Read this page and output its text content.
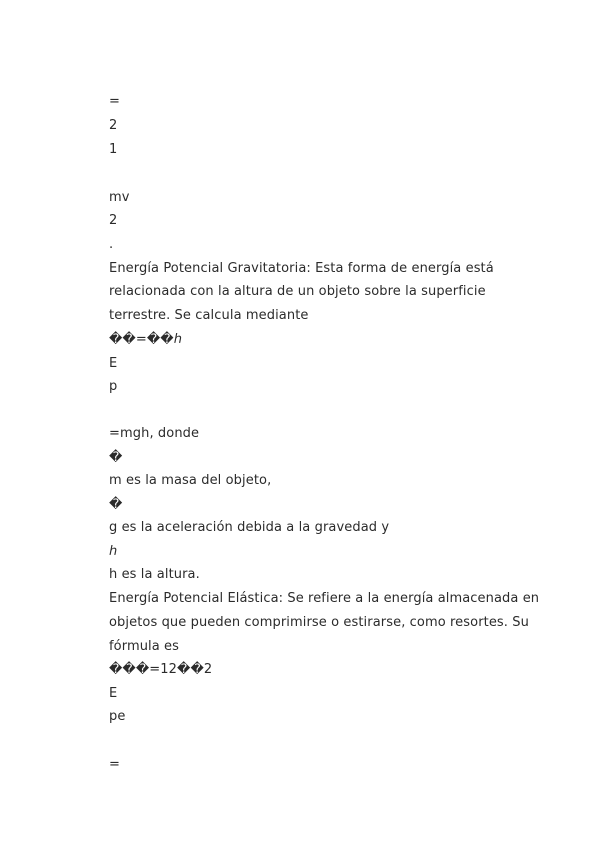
=
2
1
mv
2
.
Energía Potencial Gravitatoria: Esta forma de energía está
relacionada con la altura de un objeto sobre la superficie
terrestre. Se calcula mediante
��=��ℎ
E
p
=mgh, donde
�
m es la masa del objeto,
�
g es la aceleración debida a la gravedad y
ℎ
h es la altura.
Energía Potencial Elástica: Se refiere a la energía almacenada en
objetos que pueden comprimirse o estirarse, como resortes. Su
fórmula es
���=12��2
E
pe
=
